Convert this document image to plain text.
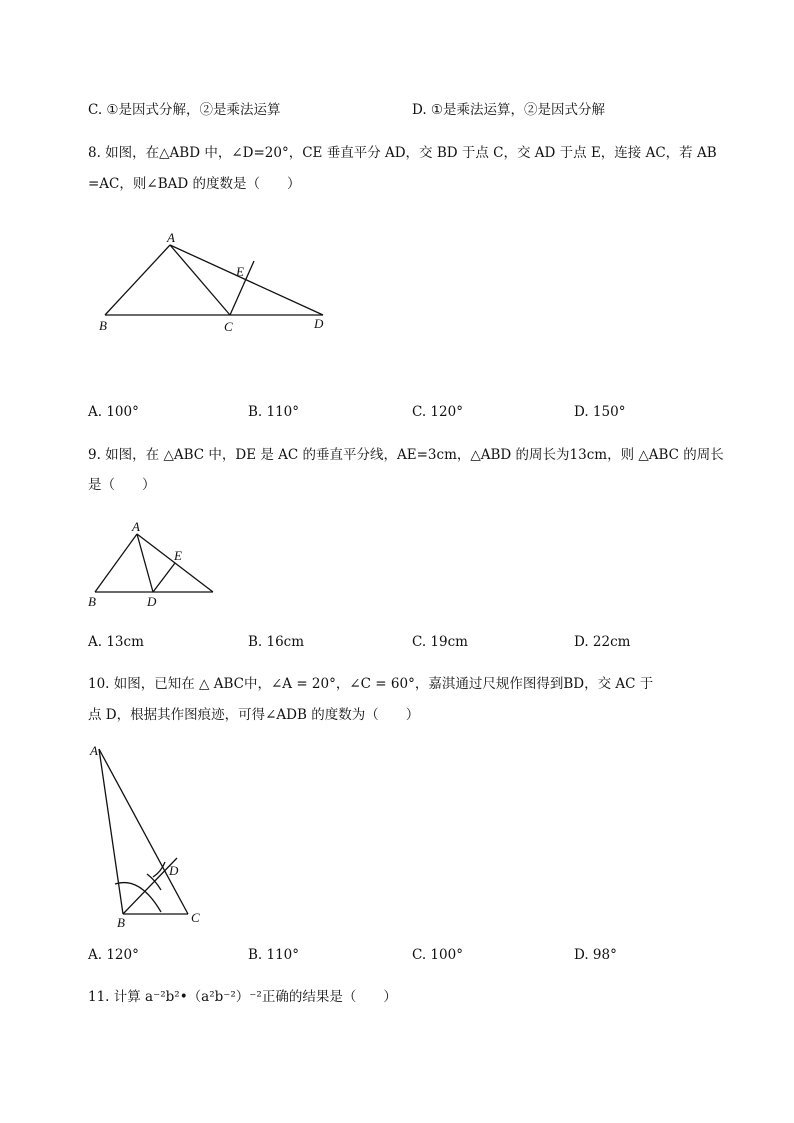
C. ①是因式分解，②是乘法运算	D. ①是乘法运算，②是因式分解
8. 如图，在△ABD 中，∠D=20°，CE 垂直平分 AD，交 BD 于点 C，交 AD 于点 E，连接 AC，若 AB
=AC，则∠BAD 的度数是（　　）
A
B	C	D
E
A. 100°	B. 110°	C. 120°	D. 150°
9. 如图，在 △ABC 中，DE 是 AC 的垂直平分线，AE=3cm，△ABD 的周长为13cm，则 △ABC 的周长
是（　　）
A
B	D
E
A. 13cm	B. 16cm	C. 19cm	D. 22cm
10. 如图，已知在 △ ABC中，∠A = 20°，∠C = 60°，嘉淇通过尺规作图得到BD，交 AC 于
点 D，根据其作图痕迹，可得∠ADB 的度数为（　　）
A
B	C
D
A. 120°	B. 110°	C. 100°	D. 98°
11. 计算 a⁻²b²•（a²b⁻²）⁻²正确的结果是（　　）
